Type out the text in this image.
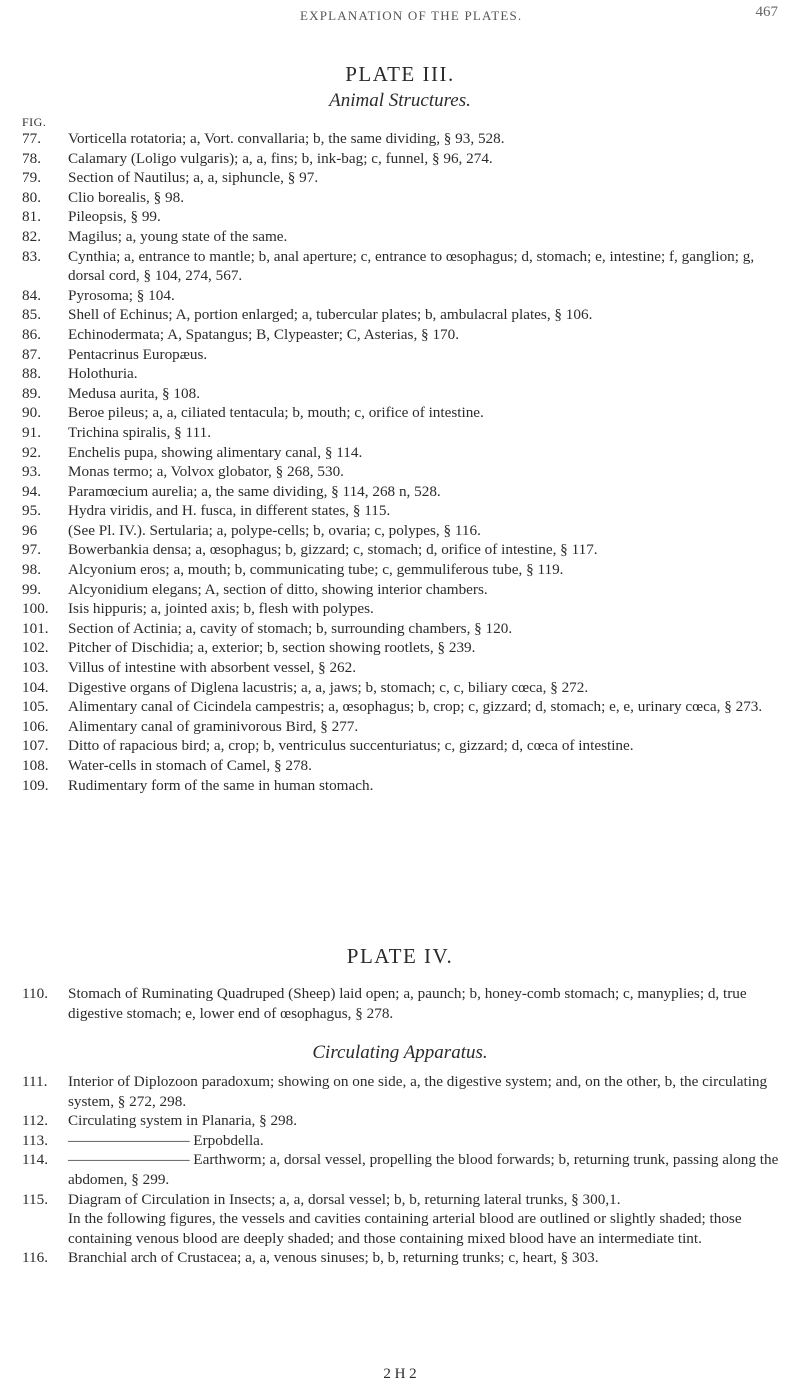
EXPLANATION OF THE PLATES.	467
PLATE III.
Animal Structures.
FIG.
77. Vorticella rotatoria; a, Vort. convallaria; b, the same dividing, § 93, 528.
78. Calamary (Loligo vulgaris); a, a, fins; b, ink-bag; c, funnel, § 96, 274.
79. Section of Nautilus; a, a, siphuncle, § 97.
80. Clio borealis, § 98.
81. Pileopsis, § 99.
82. Magilus; a, young state of the same.
83. Cynthia; a, entrance to mantle; b, anal aperture; c, entrance to œsophagus; d, stomach; e, intestine; f, ganglion; g, dorsal cord, § 104, 274, 567.
84. Pyrosoma; § 104.
85. Shell of Echinus; A, portion enlarged; a, tubercular plates; b, ambulacral plates, § 106.
86. Echinodermata; A, Spatangus; B, Clypeaster; C, Asterias, § 170.
87. Pentacrinus Europæus.
88. Holothuria.
89. Medusa aurita, § 108.
90. Beroe pileus; a, a, ciliated tentacula; b, mouth; c, orifice of intestine.
91. Trichina spiralis, § 111.
92. Enchelis pupa, showing alimentary canal, § 114.
93. Monas termo; a, Volvox globator, § 268, 530.
94. Paramœcium aurelia; a, the same dividing, § 114, 268 n, 528.
95. Hydra viridis, and H. fusca, in different states, § 115.
96 (See Pl. IV.). Sertularia; a, polype-cells; b, ovaria; c, polypes, § 116.
97. Bowerbankia densa; a, œsophagus; b, gizzard; c, stomach; d, orifice of intestine, § 117.
98. Alcyonium eros; a, mouth; b, communicating tube; c, gemmuliferous tube, § 119.
99. Alcyonidium elegans; A, section of ditto, showing interior chambers.
100. Isis hippuris; a, jointed axis; b, flesh with polypes.
101. Section of Actinia; a, cavity of stomach; b, surrounding chambers, § 120.
102. Pitcher of Dischidia; a, exterior; b, section showing rootlets, § 239.
103. Villus of intestine with absorbent vessel, § 262.
104. Digestive organs of Diglena lacustris; a, a, jaws; b, stomach; c, c, biliary cœca, § 272.
105. Alimentary canal of Cicindela campestris; a, œsophagus; b, crop; c, gizzard; d, stomach; e, e, urinary cœca, § 273.
106. Alimentary canal of graminivorous Bird, § 277.
107. Ditto of rapacious bird; a, crop; b, ventriculus succenturiatus; c, gizzard; d, cœca of intestine.
108. Water-cells in stomach of Camel, § 278.
109. Rudimentary form of the same in human stomach.
PLATE IV.
110. Stomach of Ruminating Quadruped (Sheep) laid open; a, paunch; b, honey-comb stomach; c, manyplies; d, true digestive stomach; e, lower end of œsophagus, § 278.
Circulating Apparatus.
111. Interior of Diplozoon paradoxum; showing on one side, a, the digestive system; and, on the other, b, the circulating system, § 272, 298.
112. Circulating system in Planaria, § 298.
113. ———————— Erpobdella.
114. ———————— Earthworm; a, dorsal vessel, propelling the blood forwards; b, returning trunk, passing along the abdomen, § 299.
115. Diagram of Circulation in Insects; a, a, dorsal vessel; b, b, returning lateral trunks, § 300,1.
In the following figures, the vessels and cavities containing arterial blood are outlined or slightly shaded; those containing venous blood are deeply shaded; and those containing mixed blood have an intermediate tint.
116. Branchial arch of Crustacea; a, a, venous sinuses; b, b, returning trunks; c, heart, § 303.
2 H 2
